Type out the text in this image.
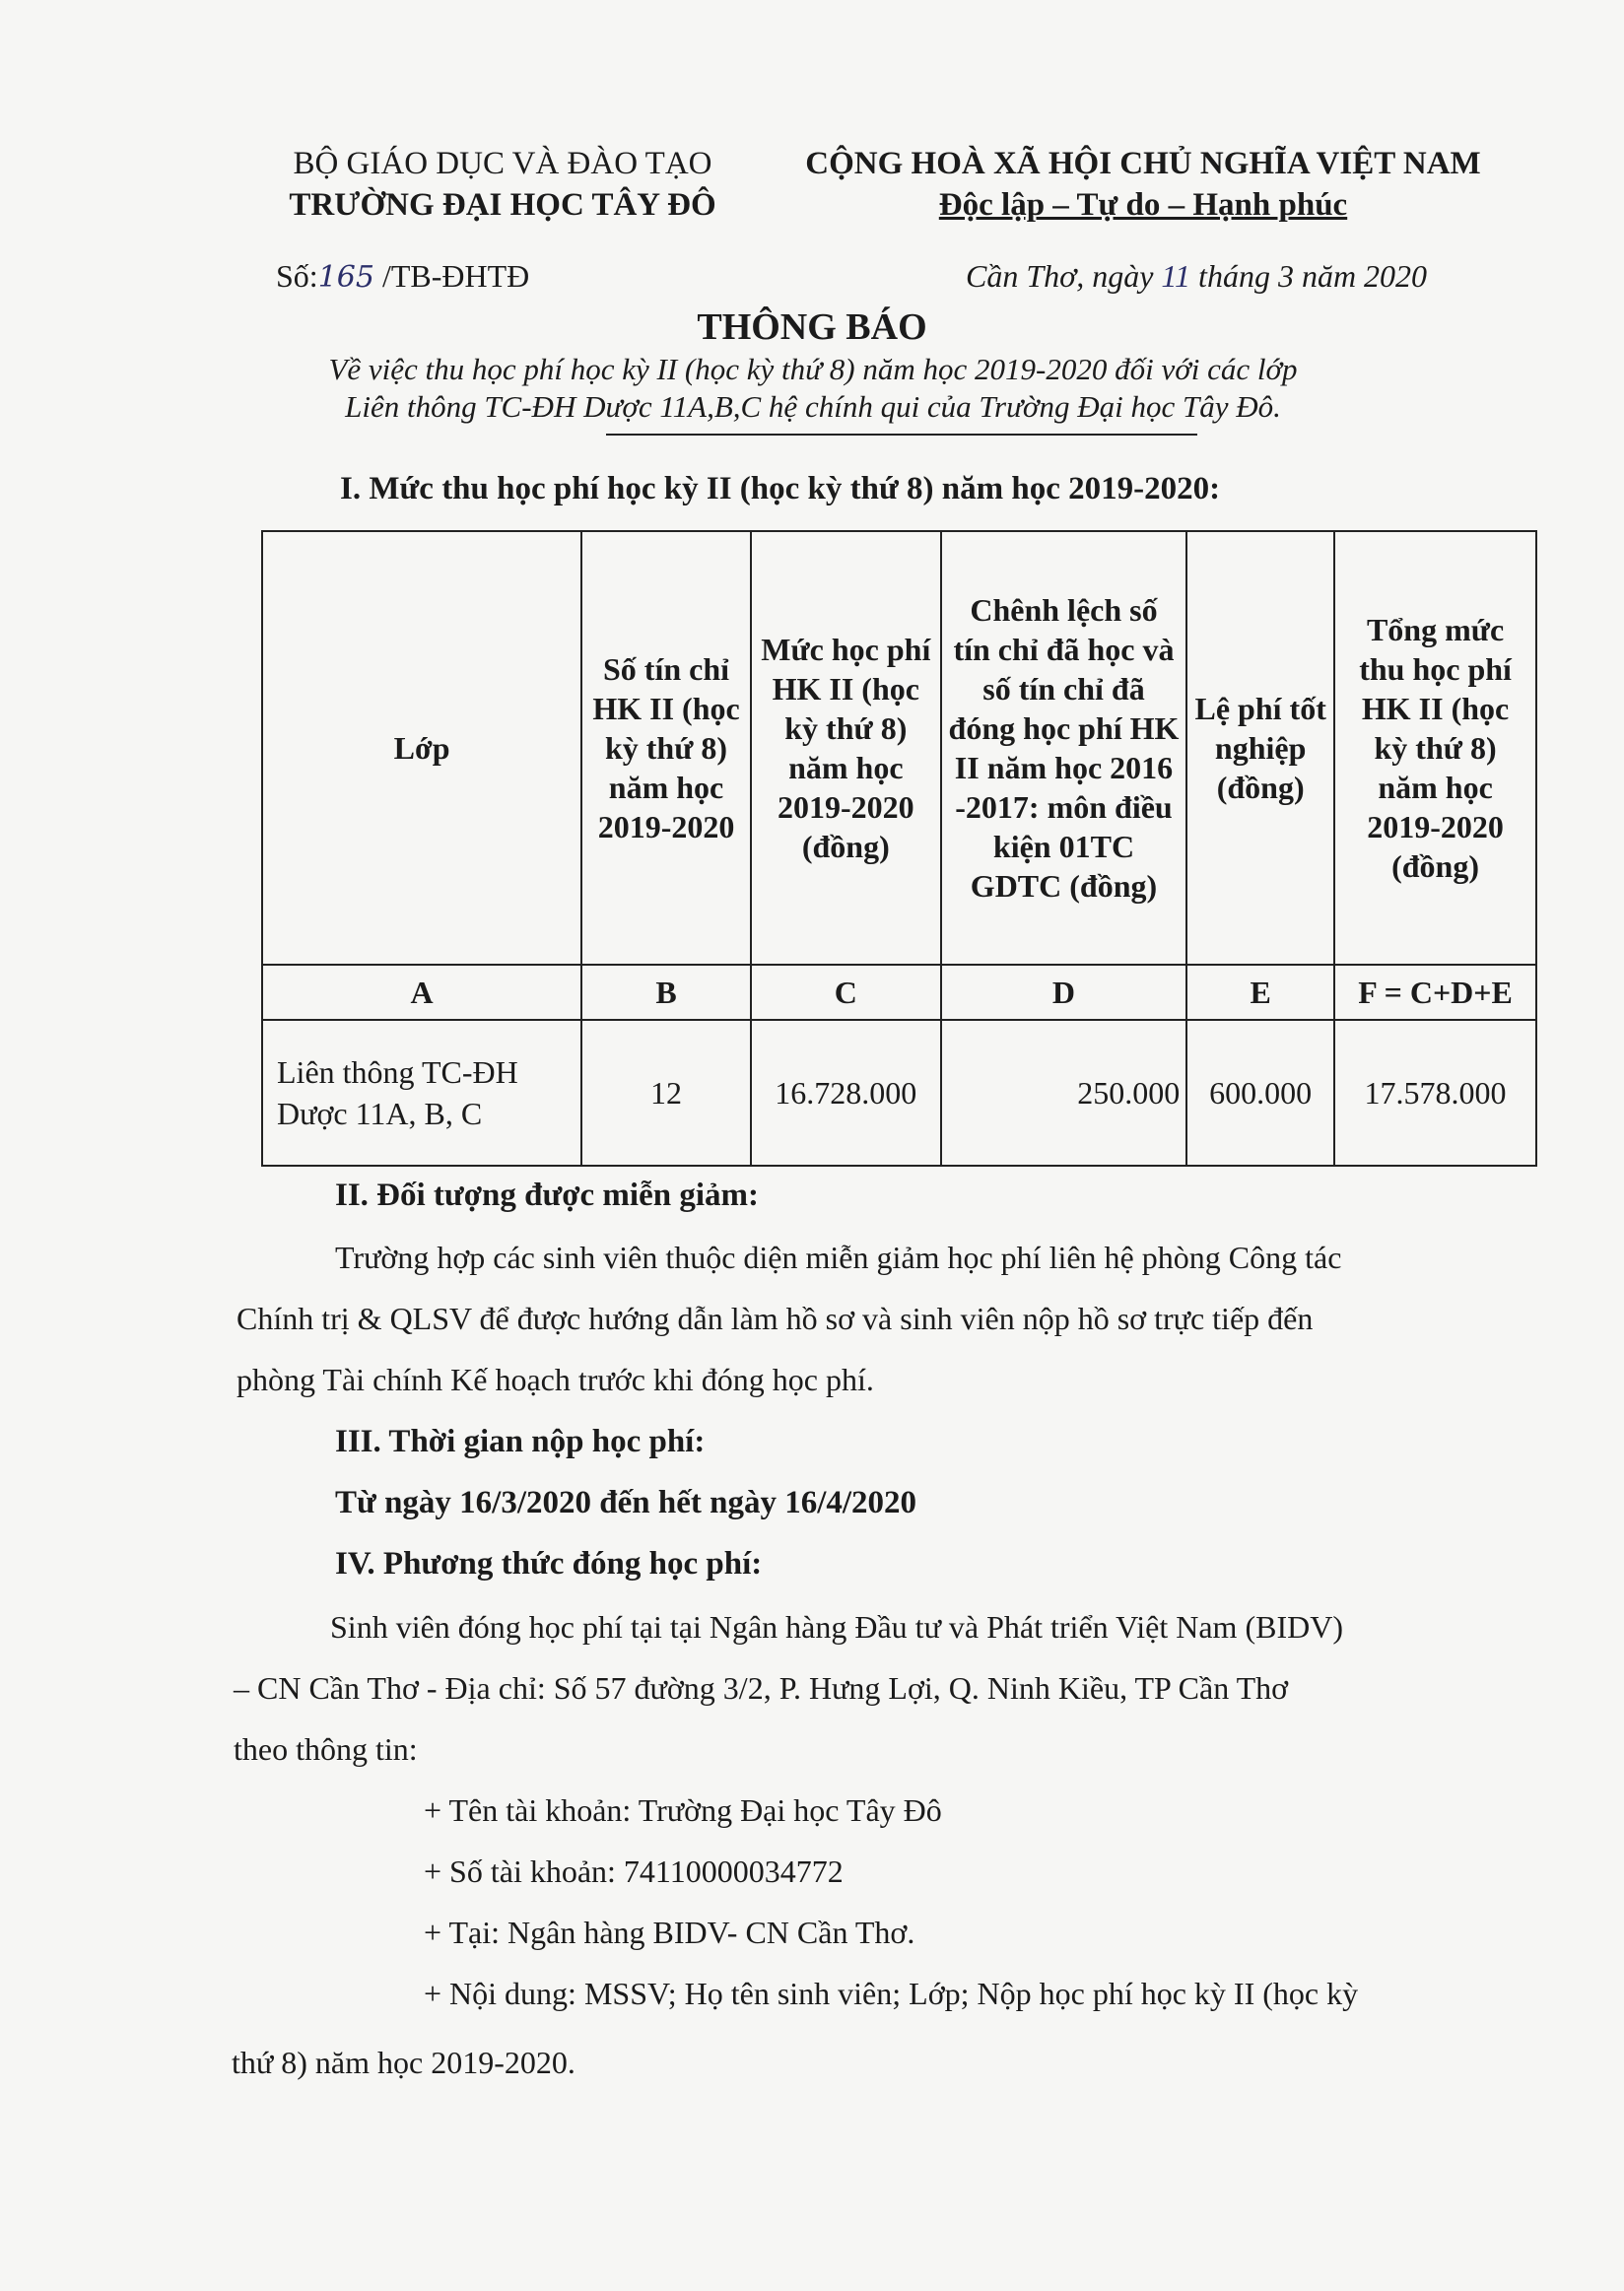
BỘ GIÁO DỤC VÀ ĐÀO TẠO
TRƯỜNG ĐẠI HỌC TÂY ĐÔ
CỘNG HOÀ XÃ HỘI CHỦ NGHĨA VIỆT NAM
Độc lập – Tự do – Hạnh phúc
Số:165 /TB-ĐHTĐ	Cần Thơ, ngày 11 tháng 3 năm 2020
THÔNG BÁO
Về việc thu học phí học kỳ II (học kỳ thứ 8) năm học 2019-2020 đối với các lớp
Liên thông TC-ĐH Dược 11A,B,C hệ chính qui của Trường Đại học Tây Đô.
I. Mức thu học phí học kỳ II (học kỳ thứ 8) năm học 2019-2020:
Lớp	Số tín chỉ HK II (học kỳ thứ 8) năm học 2019-2020	Mức học phí HK II (học kỳ thứ 8) năm học 2019-2020 (đồng)	Chênh lệch số tín chỉ đã học và số tín chỉ đã đóng học phí HK II năm học 2016 -2017: môn điều kiện 01TC GDTC (đồng)	Lệ phí tốt nghiệp (đồng)	Tổng mức thu học phí HK II (học kỳ thứ 8) năm học 2019-2020 (đồng)
A	B	C	D	E	F = C+D+E
Liên thông TC-ĐH Dược 11A, B, C	12	16.728.000	250.000	600.000	17.578.000
II. Đối tượng được miễn giảm:
Trường hợp các sinh viên thuộc diện miễn giảm học phí liên hệ phòng Công tác
Chính trị & QLSV để được hướng dẫn làm hồ sơ và sinh viên nộp hồ sơ trực tiếp đến
phòng Tài chính Kế hoạch trước khi đóng học phí.
III. Thời gian nộp học phí:
Từ ngày 16/3/2020 đến hết ngày 16/4/2020
IV. Phương thức đóng học phí:
Sinh viên đóng học phí tại tại Ngân hàng Đầu tư và Phát triển Việt Nam (BIDV)
– CN Cần Thơ - Địa chỉ: Số 57 đường 3/2, P. Hưng Lợi, Q. Ninh Kiều, TP Cần Thơ
theo thông tin:
+ Tên tài khoản: Trường Đại học Tây Đô
+ Số tài khoản: 74110000034772
+ Tại: Ngân hàng BIDV- CN Cần Thơ.
+ Nội dung: MSSV; Họ tên sinh viên; Lớp; Nộp học phí học kỳ II (học kỳ
thứ 8) năm học 2019-2020.
